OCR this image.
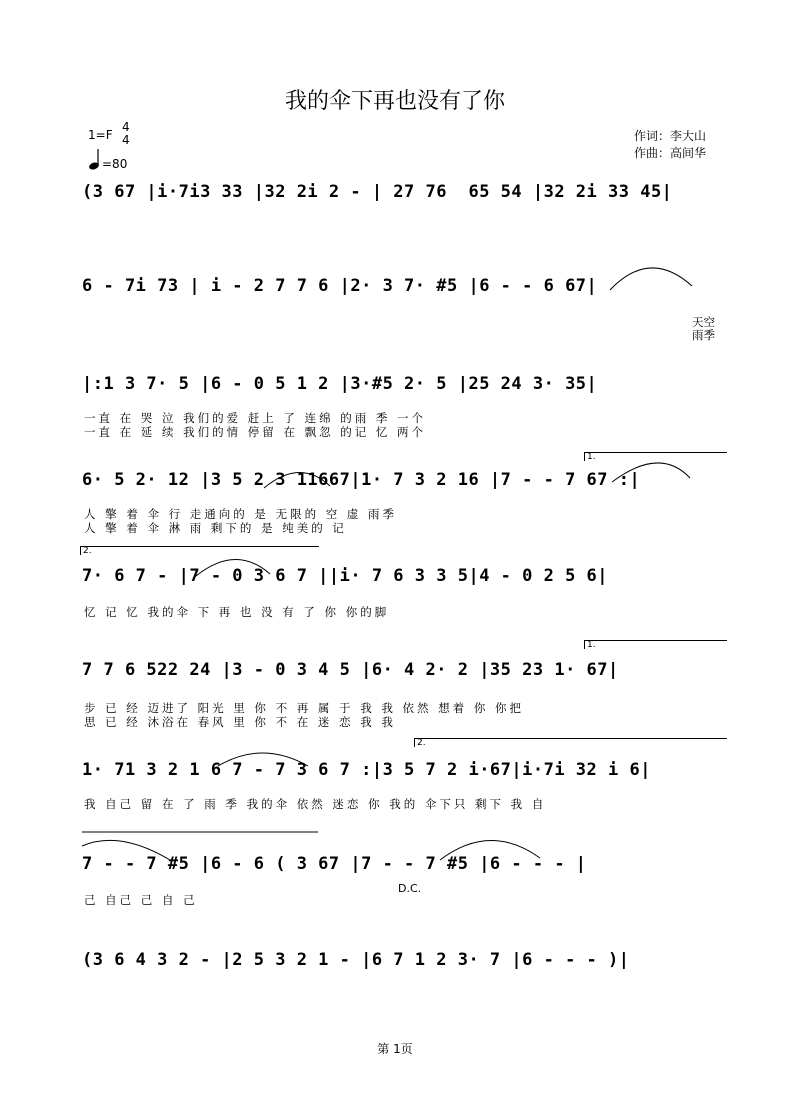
我的伞下再也没有了你
1=F
4
4
=80
作词：李大山
作曲：高间华
(3 67 |i·7i3 33 |32 2i 2 - | 27 76  65 54 |32 2i 33 45|
6 - 7i 73 | i - 2 7 7 6 |2· 3 7· #5 |6 - - 6 67|
天空
雨季
|:1 3 7· 5 |6 - 0 5 1 2 |3·#5 2· 5 |25 24 3· 35|
一直 在 哭 泣 我们的爱 赶上 了 连绵 的雨 季 一个
一直 在 延 续 我们的情 停留 在 飘忽 的记 忆 两个
1.
6· 5 2· 12 |3 5 2 3 11667|1· 7 3 2 16 |7 - - 7 67 :|
人 擎 着 伞 行 走通向的 是 无限的 空 虚 雨季
人 擎 着 伞 淋 雨 剩下的 是 纯美的 记
2.
7· 6 7 - |7 - 0 3 6 7 ||i· 7 6 3 3 5|4 - 0 2 5 6|
忆 记 忆 我的伞 下 再 也 没 有 了 你 你的脚
1.
7 7 6 522 24 |3 - 0 3 4 5 |6· 4 2· 2 |35 23 1· 67|
步 已 经 迈进了 阳光 里 你 不 再 属 于 我 我 依然 想着 你 你把
思 已 经 沐浴在 春风 里 你 不 在 迷 恋 我 我
2.
1· 71 3 2 1 6 7 - 7 3 6 7 :|3 5 7 2 i·67|i·7i 32 i 6|
我 自己 留 在 了 雨 季 我的伞 依然 迷恋 你 我的 伞下只 剩下 我 自
7 - - 7 #5 |6 - 6 ( 3 67 |7 - - 7 #5 |6 - - - |
D.C.
己 自己 己 自 己
(3 6 4 3 2 - |2 5 3 2 1 - |6 7 1 2 3· 7 |6 - - - )|
第 1页
